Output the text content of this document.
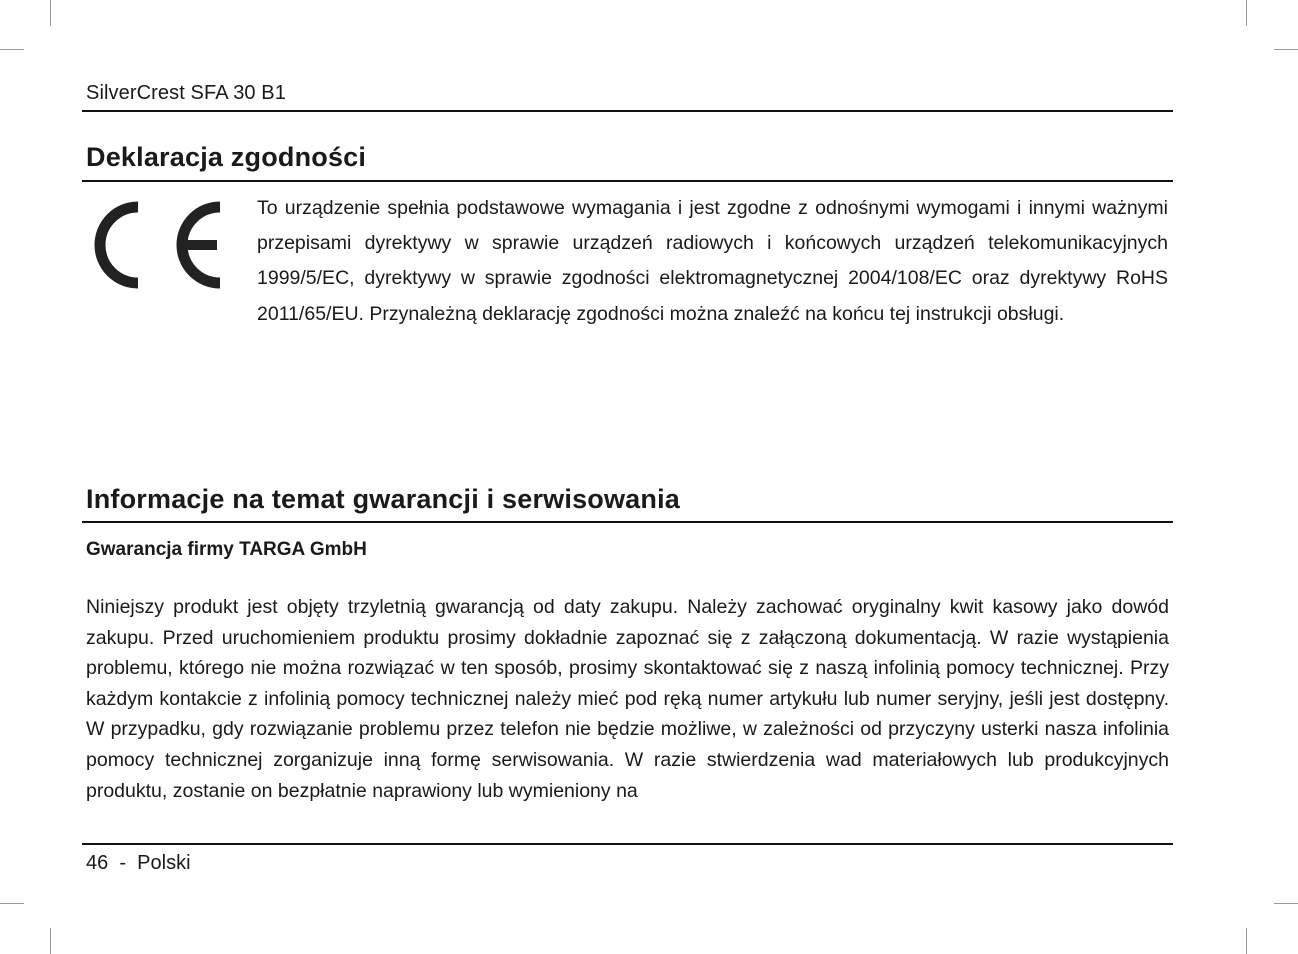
SilverCrest SFA 30 B1
Deklaracja zgodności

To urządzenie spełnia podstawowe wymagania i jest zgodne z odnośnymi wymogami i innymi ważnymi przepisami dyrektywy w sprawie urządzeń radiowych i końcowych urządzeń telekomunikacyjnych 1999/5/EC, dyrektywy w sprawie zgodności elektromagnetycznej 2004/108/EC oraz dyrektywy RoHS 2011/65/EU. Przynależną deklarację zgodności można znaleźć na końcu tej instrukcji obsługi.

Informacje na temat gwarancji i serwisowania
Gwarancja firmy TARGA GmbH

Niniejszy produkt jest objęty trzyletnią gwarancją od daty zakupu. Należy zachować oryginalny kwit kasowy jako dowód zakupu. Przed uruchomieniem produktu prosimy dokładnie zapoznać się z załączoną dokumentacją. W razie wystąpienia problemu, którego nie można rozwiązać w ten sposób, prosimy skontaktować się z naszą infolinią pomocy technicznej. Przy każdym kontakcie z infolinią pomocy technicznej należy mieć pod ręką numer artykułu lub numer seryjny, jeśli jest dostępny. W przypadku, gdy rozwiązanie problemu przez telefon nie będzie możliwe, w zależności od przyczyny usterki nasza infolinia pomocy technicznej zorganizuje inną formę serwisowania. W razie stwierdzenia wad materiałowych lub produkcyjnych produktu, zostanie on bezpłatnie naprawiony lub wymieniony na

46 - Polski
